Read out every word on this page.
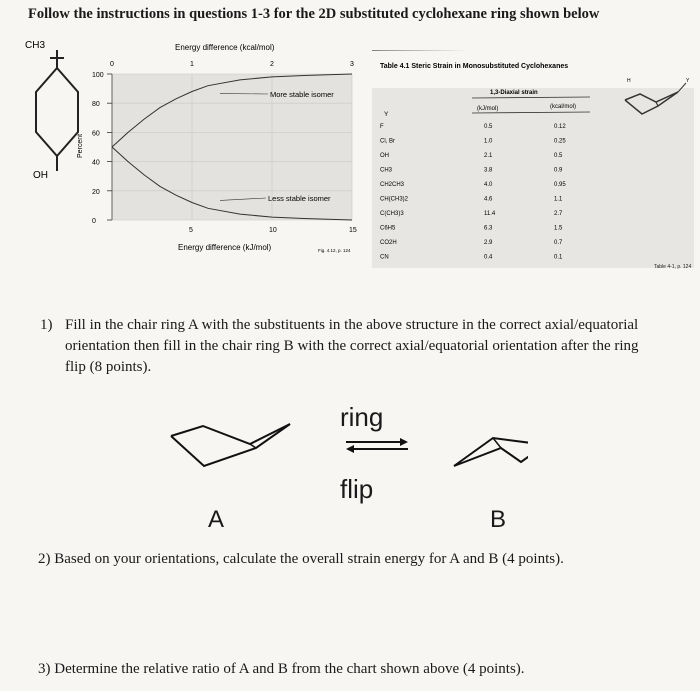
Follow the instructions in questions 1-3 for the 2D substituted cyclohexane ring shown below
CH3
OH
Energy difference (kcal/mol)
0	1	2	3
5	10	15
100
80
60
40
20
0
Energy difference (kJ/mol)
Percent
Fig. 4.12, p. 124
More stable isomer
Less stable isomer
Table 4.1 Steric Strain in Monosubstituted Cyclohexanes
Y
1,3-Diaxial strain
(kJ/mol)	(kcal/mol)
F	0.5	0.12
Cl, Br	1.0	0.25
OH	2.1	0.5
CH3	3.8	0.9
CH2CH3	4.0	0.95
CH(CH3)2	4.6	1.1
C(CH3)3	11.4	2.7
C6H5	6.3	1.5
CO2H	2.9	0.7
CN	0.4	0.1
H	Y
Table 4-1, p. 124
1) Fill in the chair ring A with the substituents in the above structure in the correct axial/equatorial orientation then fill in the chair ring B with the correct axial/equatorial orientation after the ring flip (8 points).
ring
flip
A	B
2) Based on your orientations, calculate the overall strain energy for A and B (4 points).
3) Determine the relative ratio of A and B from the chart shown above (4 points).
